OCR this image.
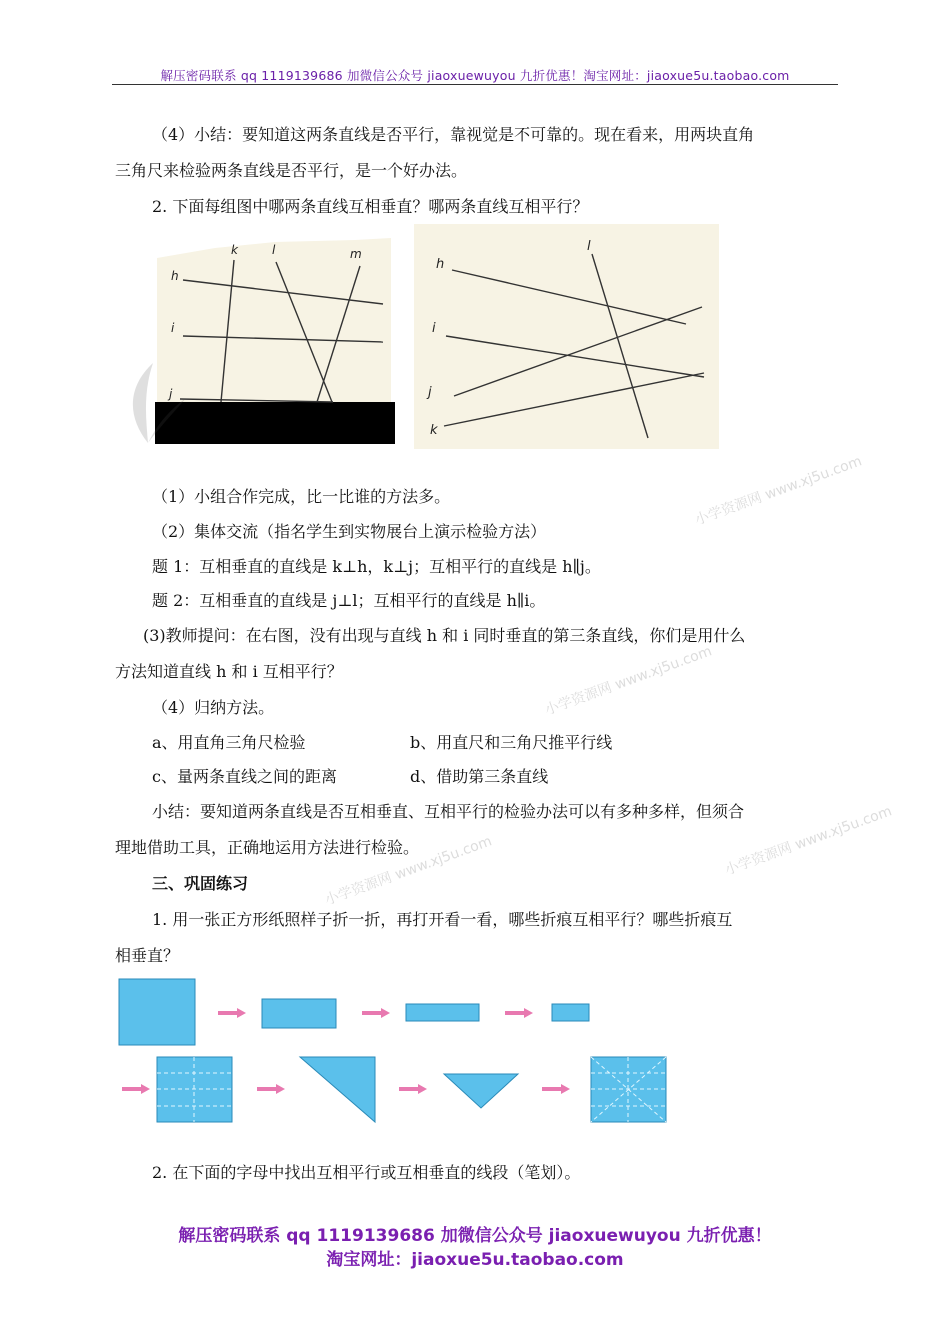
解压密码联系 qq 1119139686 加微信公众号 jiaoxuewuyou 九折优惠！淘宝网址：jiaoxue5u.taobao.com
（4）小结：要知道这两条直线是否平行，靠视觉是不可靠的。现在看来，用两块直角
三角尺来检验两条直线是否平行，是一个好办法。
2. 下面每组图中哪两条直线互相垂直？哪两条直线互相平行？
h
i
j
k	l	m
h
i
j
k
l
（1）小组合作完成，比一比谁的方法多。
（2）集体交流（指名学生到实物展台上演示检验方法）
题 1：互相垂直的直线是 k⊥h，k⊥j；互相平行的直线是 h∥j。
题 2：互相垂直的直线是 j⊥l；互相平行的直线是 h∥i。
(3)教师提问：在右图，没有出现与直线 h 和 i 同时垂直的第三条直线，你们是用什么
方法知道直线 h 和 i 互相平行？
（4）归纳方法。
a、用直角三角尺检验	b、用直尺和三角尺推平行线
c、量两条直线之间的距离	d、借助第三条直线
小结：要知道两条直线是否互相垂直、互相平行的检验办法可以有多种多样，但须合
理地借助工具，正确地运用方法进行检验。
三、巩固练习
1. 用一张正方形纸照样子折一折，再打开看一看，哪些折痕互相平行？哪些折痕互
相垂直？
2. 在下面的字母中找出互相平行或互相垂直的线段（笔划）。
小学资源网 www.xj5u.com
小学资源网 www.xj5u.com
小学资源网 www.xj5u.com
小学资源网 www.xj5u.com
解压密码联系 qq 1119139686 加微信公众号 jiaoxuewuyou 九折优惠！
淘宝网址：jiaoxue5u.taobao.com
